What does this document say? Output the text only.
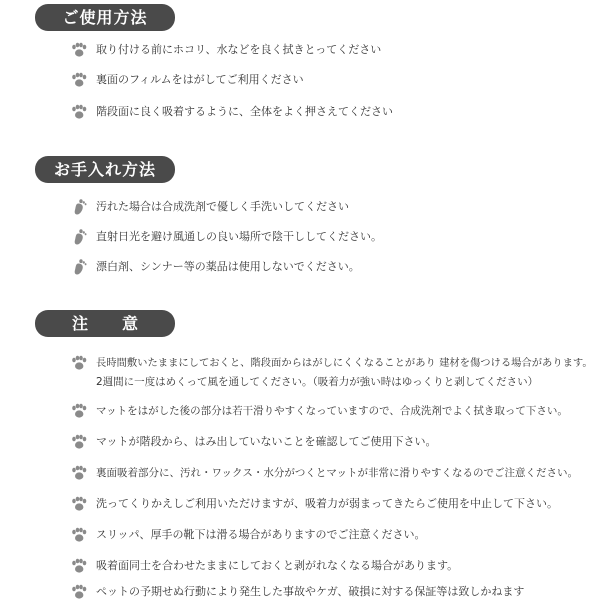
ご使用方法
取り付ける前にホコリ、水などを良く拭きとってください
裏面のフィルムをはがしてご利用ください
階段面に良く吸着するように、全体をよく押さえてください
お手入れ方法
汚れた場合は合成洗剤で優しく手洗いしてください
直射日光を避け風通しの良い場所で陰干ししてください。
漂白剤、シンナー等の薬品は使用しないでください。
注意
長時間敷いたままにしておくと、階段面からはがしにくくなることがあり 建材を傷つける場合があります。
2週間に一度はめくって風を通してください。（吸着力が強い時はゆっくりと剥してください）
マットをはがした後の部分は若干滑りやすくなっていますので、合成洗剤でよく拭き取って下さい。
マットが階段から、はみ出していないことを確認してご使用下さい。
裏面吸着部分に、汚れ・ワックス・水分がつくとマットが非常に滑りやすくなるのでご注意ください。
洗ってくりかえしご利用いただけますが、吸着力が弱まってきたらご使用を中止して下さい。
スリッパ、厚手の靴下は滑る場合がありますのでご注意ください。
吸着面同士を合わせたままにしておくと剥がれなくなる場合があります。
ペットの予期せぬ行動により発生した事故やケガ、破損に対する保証等は致しかねます
